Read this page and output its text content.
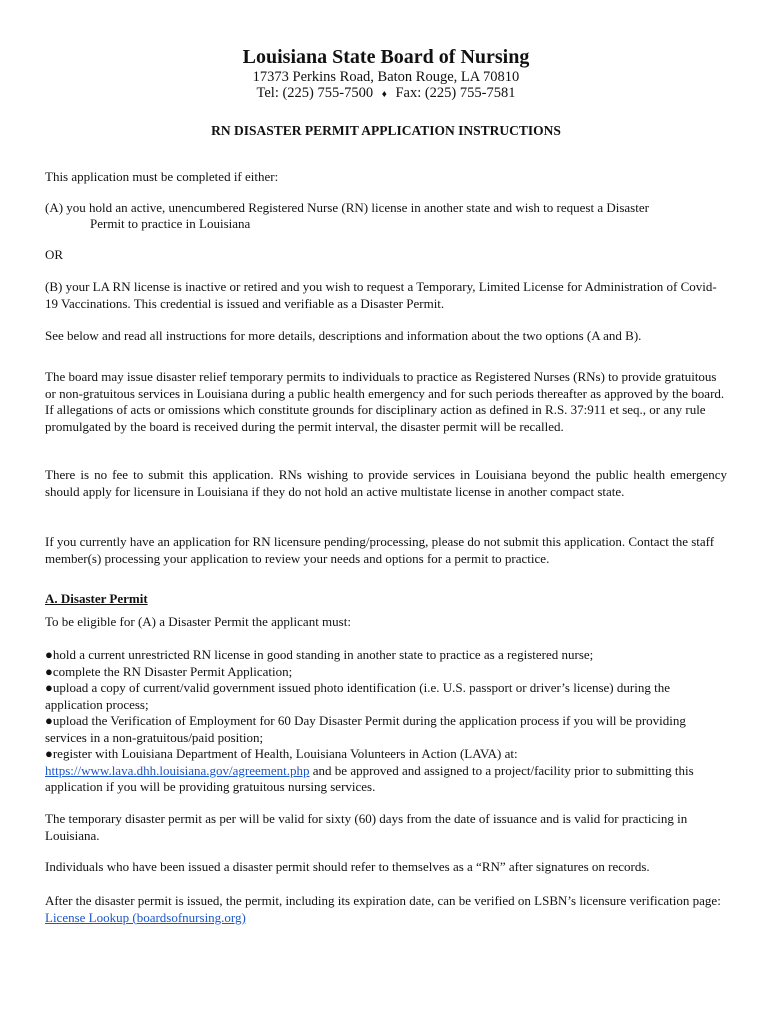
Louisiana State Board of Nursing
17373 Perkins Road, Baton Rouge, LA 70810
Tel: (225) 755-7500 ♦ Fax: (225) 755-7581
RN DISASTER PERMIT APPLICATION INSTRUCTIONS

This application must be completed if either:

(A) you hold an active, unencumbered Registered Nurse (RN) license in another state and wish to request a Disaster

Permit to practice in Louisiana

OR

(B) your LA RN license is inactive or retired and you wish to request a Temporary, Limited License for Administration of Covid-19 Vaccinations. This credential is issued and verifiable as a Disaster Permit.

See below and read all instructions for more details, descriptions and information about the two options (A and B).

The board may issue disaster relief temporary permits to individuals to practice as Registered Nurses (RNs) to provide gratuitous or non-gratuitous services in Louisiana during a public health emergency and for such periods thereafter as approved by the board. If allegations of acts or omissions which constitute grounds for disciplinary action as defined in R.S. 37:911 et seq., or any rule promulgated by the board is received during the permit interval, the disaster permit will be recalled.

There is no fee to submit this application. RNs wishing to provide services in Louisiana beyond the public health emergency should apply for licensure in Louisiana if they do not hold an active multistate license in another compact state.

If you currently have an application for RN licensure pending/processing, please do not submit this application. Contact the staff member(s) processing your application to review your needs and options for a permit to practice.

A. Disaster Permit

To be eligible for (A) a Disaster Permit the applicant must:

●hold a current unrestricted RN license in good standing in another state to practice as a registered nurse;
●complete the RN Disaster Permit Application;
●upload a copy of current/valid government issued photo identification (i.e. U.S. passport or driver’s license) during the application process;
●upload the Verification of Employment for 60 Day Disaster Permit during the application process if you will be providing services in a non-gratuitous/paid position;
●register with Louisiana Department of Health, Louisiana Volunteers in Action (LAVA) at:
https://www.lava.dhh.louisiana.gov/agreement.php and be approved and assigned to a project/facility prior to submitting this application if you will be providing gratuitous nursing services.

The temporary disaster permit as per will be valid for sixty (60) days from the date of issuance and is valid for practicing in Louisiana.

Individuals who have been issued a disaster permit should refer to themselves as a “RN” after signatures on records.

After the disaster permit is issued, the permit, including its expiration date, can be verified on LSBN’s licensure verification page: License Lookup (boardsofnursing.org)
